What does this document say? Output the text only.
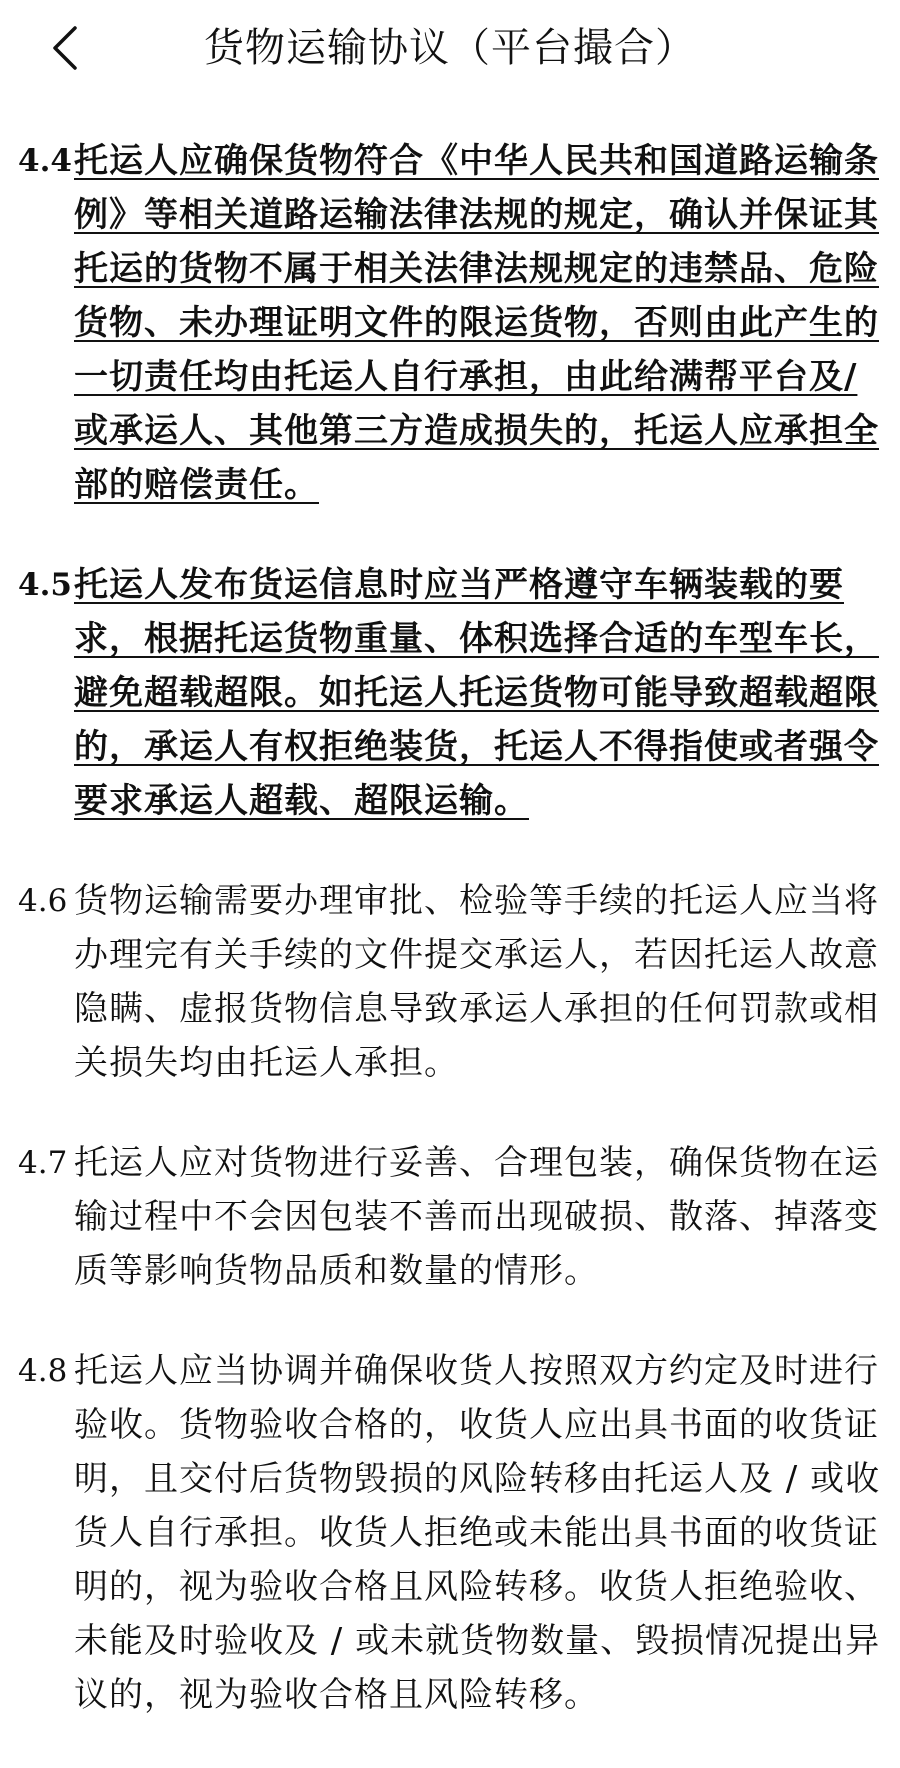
货物运输协议（平台撮合）
4.4 托运人应确保货物符合《中华人民共和国道路运输条例》等相关道路运输法律法规的规定，确认并保证其托运的货物不属于相关法律法规规定的违禁品、危险货物、未办理证明文件的限运货物，否则由此产生的一切责任均由托运人自行承担，由此给满帮平台及/或承运人、其他第三方造成损失的，托运人应承担全部的赔偿责任。
4.5 托运人发布货运信息时应当严格遵守车辆装载的要求，根据托运货物重量、体积选择合适的车型车长，避免超载超限。如托运人托运货物可能导致超载超限的，承运人有权拒绝装货，托运人不得指使或者强令要求承运人超载、超限运输。
4.6 货物运输需要办理审批、检验等手续的托运人应当将办理完有关手续的文件提交承运人，若因托运人故意隐瞒、虚报货物信息导致承运人承担的任何罚款或相关损失均由托运人承担。
4.7 托运人应对货物进行妥善、合理包装，确保货物在运输过程中不会因包装不善而出现破损、散落、掉落变质等影响货物品质和数量的情形。
4.8 托运人应当协调并确保收货人按照双方约定及时进行验收。货物验收合格的，收货人应出具书面的收货证明，且交付后货物毁损的风险转移由托运人及 / 或收货人自行承担。收货人拒绝或未能出具书面的收货证明的，视为验收合格且风险转移。收货人拒绝验收、未能及时验收及 / 或未就货物数量、毁损情况提出异议的，视为验收合格且风险转移。
